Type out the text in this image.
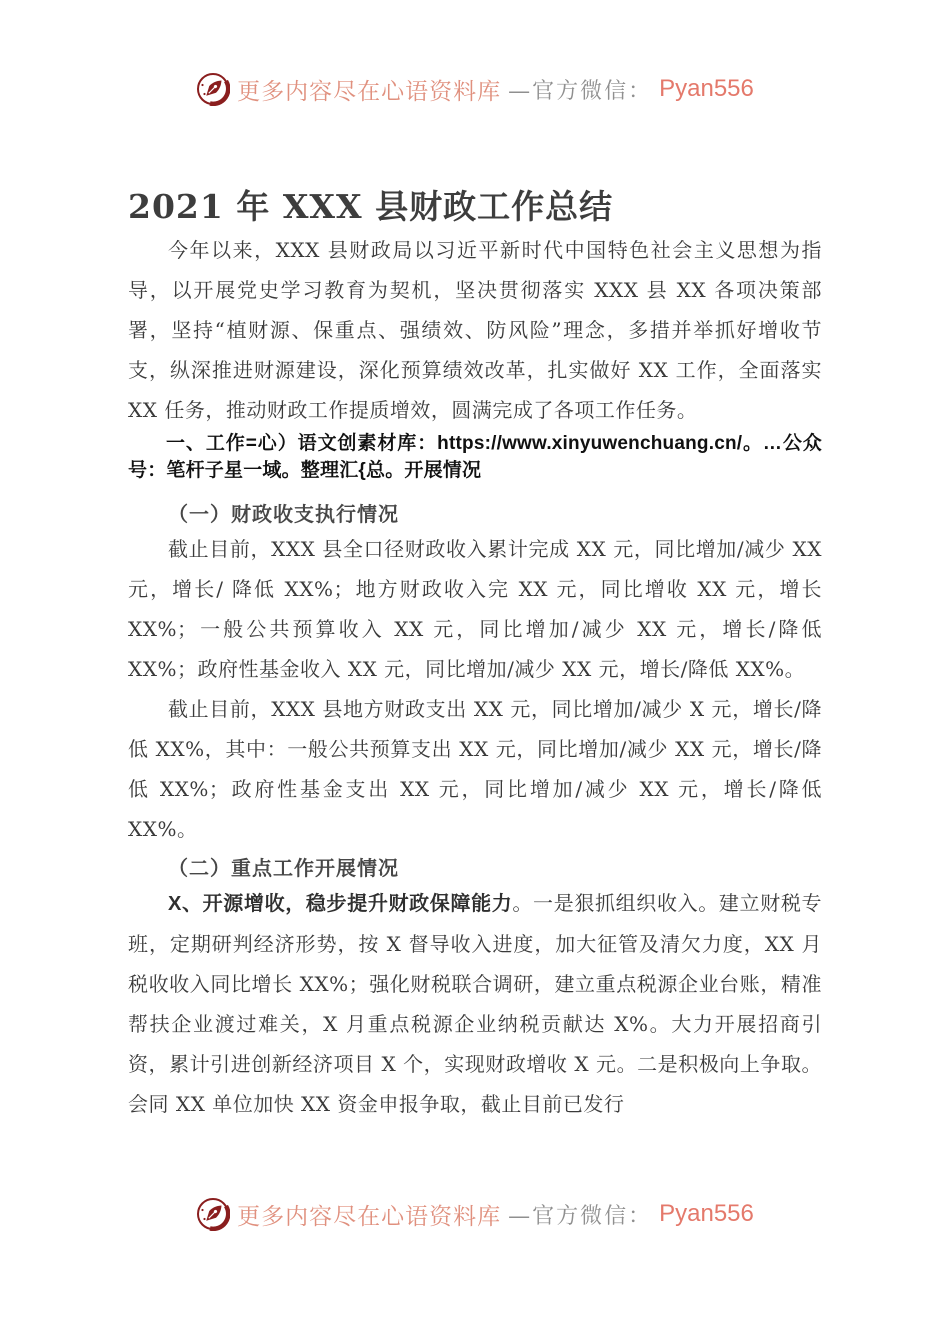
更多内容尽在心语资料库 —官方微信： Pyan556
2021 年 XXX 县财政工作总结

今年以来，XXX 县财政局以习近平新时代中国特色社会主义思想为指导，以开展党史学习教育为契机，坚决贯彻落实 XXX 县 XX 各项决策部署，坚持“植财源、保重点、强绩效、防风险”理念，多措并举抓好增收节支，纵深推进财源建设，深化预算绩效改革，扎实做好 XX 工作，全面落实 XX 任务，推动财政工作提质增效，圆满完成了各项工作任务。

一、工作=心）语文创素材库：https://www.xinyuwenchuang.cn/。…公众号：笔杆子星一域。整理汇{总。开展情况
（一）财政收支执行情况

截止目前，XXX 县全口径财政收入累计完成 XX 元，同比增加/减少 XX 元，增长/ 降低 XX%；地方财政收入完 XX 元，同比增收 XX 元，增长 XX%；一般公共预算收入 XX 元，同比增加/减少 XX 元，增长/降低 XX%；政府性基金收入 XX 元，同比增加/减少 XX 元，增长/降低 XX%。

截止目前，XXX 县地方财政支出 XX 元，同比增加/减少 X 元，增长/降低 XX%，其中：一般公共预算支出 XX 元，同比增加/减少 XX 元，增长/降低 XX%；政府性基金支出 XX 元，同比增加/减少 XX 元，增长/降低 XX%。

（二）重点工作开展情况

X、开源增收，稳步提升财政保障能力。一是狠抓组织收入。建立财税专班，定期研判经济形势，按 X 督导收入进度，加大征管及清欠力度，XX 月税收收入同比增长 XX%；强化财税联合调研，建立重点税源企业台账，精准帮扶企业渡过难关，X 月重点税源企业纳税贡献达 X%。大力开展招商引资，累计引进创新经济项目 X 个，实现财政增收 X 元。二是积极向上争取。会同 XX 单位加快 XX 资金申报争取，截止目前已发行

更多内容尽在心语资料库 —官方微信： Pyan556
